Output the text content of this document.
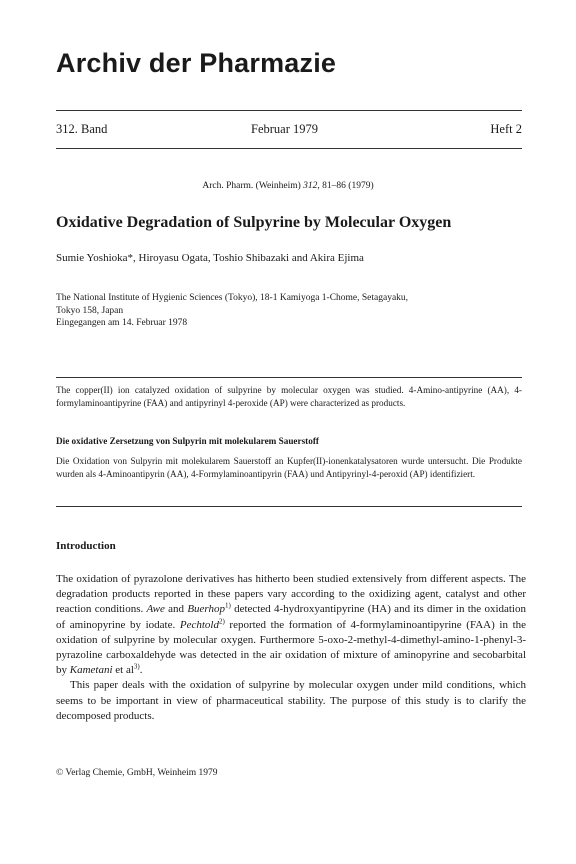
Archiv der Pharmazie
312. Band	Februar 1979	Heft 2
Arch. Pharm. (Weinheim) 312, 81–86 (1979)
Oxidative Degradation of Sulpyrine by Molecular Oxygen
Sumie Yoshioka*, Hiroyasu Ogata, Toshio Shibazaki and Akira Ejima
The National Institute of Hygienic Sciences (Tokyo), 18-1 Kamiyoga 1-Chome, Setagayaku,
Tokyo 158, Japan
Eingegangen am 14. Februar 1978
The copper(II) ion catalyzed oxidation of sulpyrine by molecular oxygen was studied. 4-Amino-antipyrine (AA), 4-formylaminoantipyrine (FAA) and antipyrinyl 4-peroxide (AP) were characterized as products.
Die oxidative Zersetzung von Sulpyrin mit molekularem Sauerstoff
Die Oxidation von Sulpyrin mit molekularem Sauerstoff an Kupfer(II)-ionenkatalysatoren wurde untersucht. Die Produkte wurden als 4-Aminoantipyrin (AA), 4-Formylaminoantipyrin (FAA) und Antipyrinyl-4-peroxid (AP) identifiziert.
Introduction

The oxidation of pyrazolone derivatives has hitherto been studied extensively from different aspects. The degradation products reported in these papers vary according to the oxidizing agent, catalyst and other reaction conditions. Awe and Buerhop$^{1)}$ detected 4-hydroxyantipyrine (HA) and its dimer in the oxidation of aminopyrine by iodate. Pechtold$^{2)}$ reported the formation of 4-formylaminoantipyrine (FAA) in the oxidation of sulpyrine by molecular oxygen. Furthermore 5-oxo-2-methyl-4-dimethyl-amino-1-phenyl-3-pyrazoline carboxaldehyde was detected in the air oxidation of mixture of aminopyrine and secobarbital by Kametani et $al^{3)}$.

This paper deals with the oxidation of sulpyrine by molecular oxygen under mild conditions, which seems to be important in view of pharmaceutical stability. The purpose of this study is to clarify the decomposed products.

© Verlag Chemie, GmbH, Weinheim 1979
